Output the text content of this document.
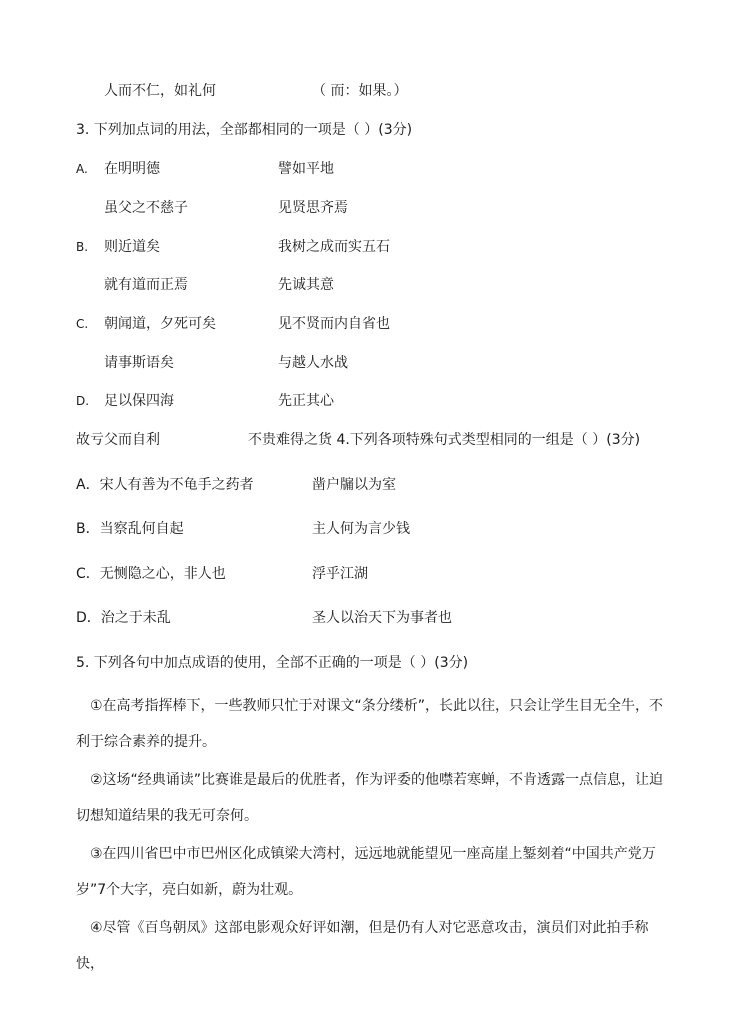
人而不仁，如礼何	（ 而：如果。）
3. 下列加点词的用法，全部都相同的一项是（ ）(3分)
A. 在明明德	譬如平地
虽父之不慈子	见贤思齐焉
B. 则近道矣	我树之成而实五石
就有道而正焉	先诚其意
C. 朝闻道，夕死可矣	见不贤而内自省也
请事斯语矣	与越人水战
D. 足以保四海	先正其心
故亏父而自利	不贵难得之货 4.下列各项特殊句式类型相同的一组是（ ）(3分)
A．宋人有善为不龟手之药者	凿户牖以为室
B．当察乱何自起	主人何为言少钱
C．无恻隐之心，非人也	浮乎江湖
D．治之于未乱	圣人以治天下为事者也
5. 下列各句中加点成语的使用，全部不正确的一项是（ ）(3分)
①在高考指挥棒下，一些教师只忙于对课文“条分缕析”，长此以往，只会让学生目无全牛，不利于综合素养的提升。
②这场“经典诵读”比赛谁是最后的优胜者，作为评委的他噤若寒蝉，不肯透露一点信息，让迫切想知道结果的我无可奈何。
③在四川省巴中市巴州区化成镇梁大湾村，远远地就能望见一座高崖上錾刻着“中国共产党万岁”7个大字，亮白如新，蔚为壮观。
④尽管《百鸟朝凤》这部电影观众好评如潮，但是仍有人对它恶意攻击，演员们对此拍手称快，
